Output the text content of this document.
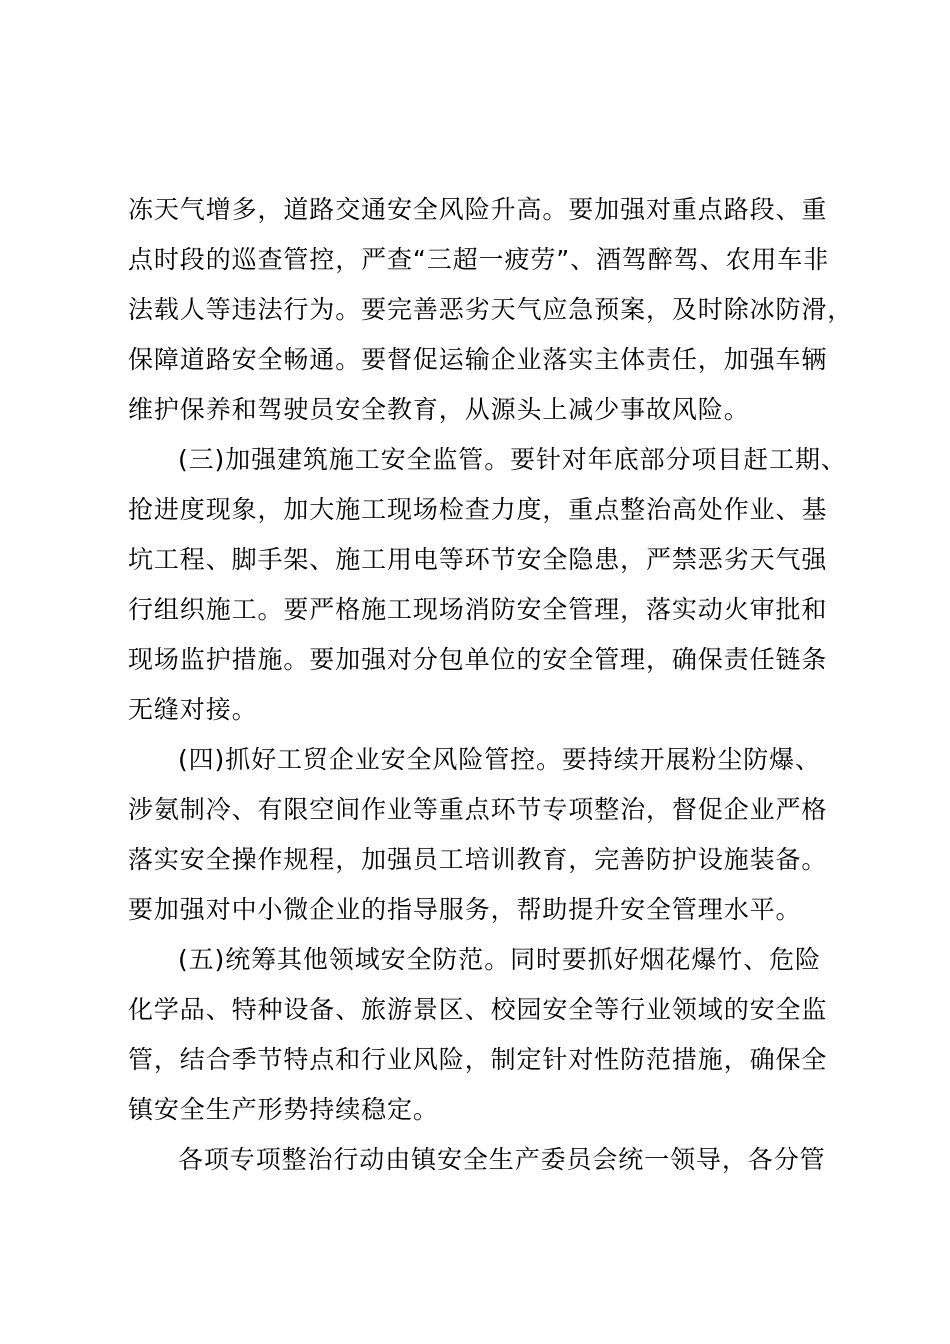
冻天气增多，道路交通安全风险升高。要加强对重点路段、重
点时段的巡查管控，严查“三超一疲劳”、酒驾醉驾、农用车非
法载人等违法行为。要完善恶劣天气应急预案，及时除冰防滑，
保障道路安全畅通。要督促运输企业落实主体责任，加强车辆
维护保养和驾驶员安全教育，从源头上减少事故风险。
(三)加强建筑施工安全监管。要针对年底部分项目赶工期、
抢进度现象，加大施工现场检查力度，重点整治高处作业、基
坑工程、脚手架、施工用电等环节安全隐患，严禁恶劣天气强
行组织施工。要严格施工现场消防安全管理，落实动火审批和
现场监护措施。要加强对分包单位的安全管理，确保责任链条
无缝对接。
(四)抓好工贸企业安全风险管控。要持续开展粉尘防爆、
涉氨制冷、有限空间作业等重点环节专项整治，督促企业严格
落实安全操作规程，加强员工培训教育，完善防护设施装备。
要加强对中小微企业的指导服务，帮助提升安全管理水平。
(五)统筹其他领域安全防范。同时要抓好烟花爆竹、危险
化学品、特种设备、旅游景区、校园安全等行业领域的安全监
管，结合季节特点和行业风险，制定针对性防范措施，确保全
镇安全生产形势持续稳定。
各项专项整治行动由镇安全生产委员会统一领导，各分管
